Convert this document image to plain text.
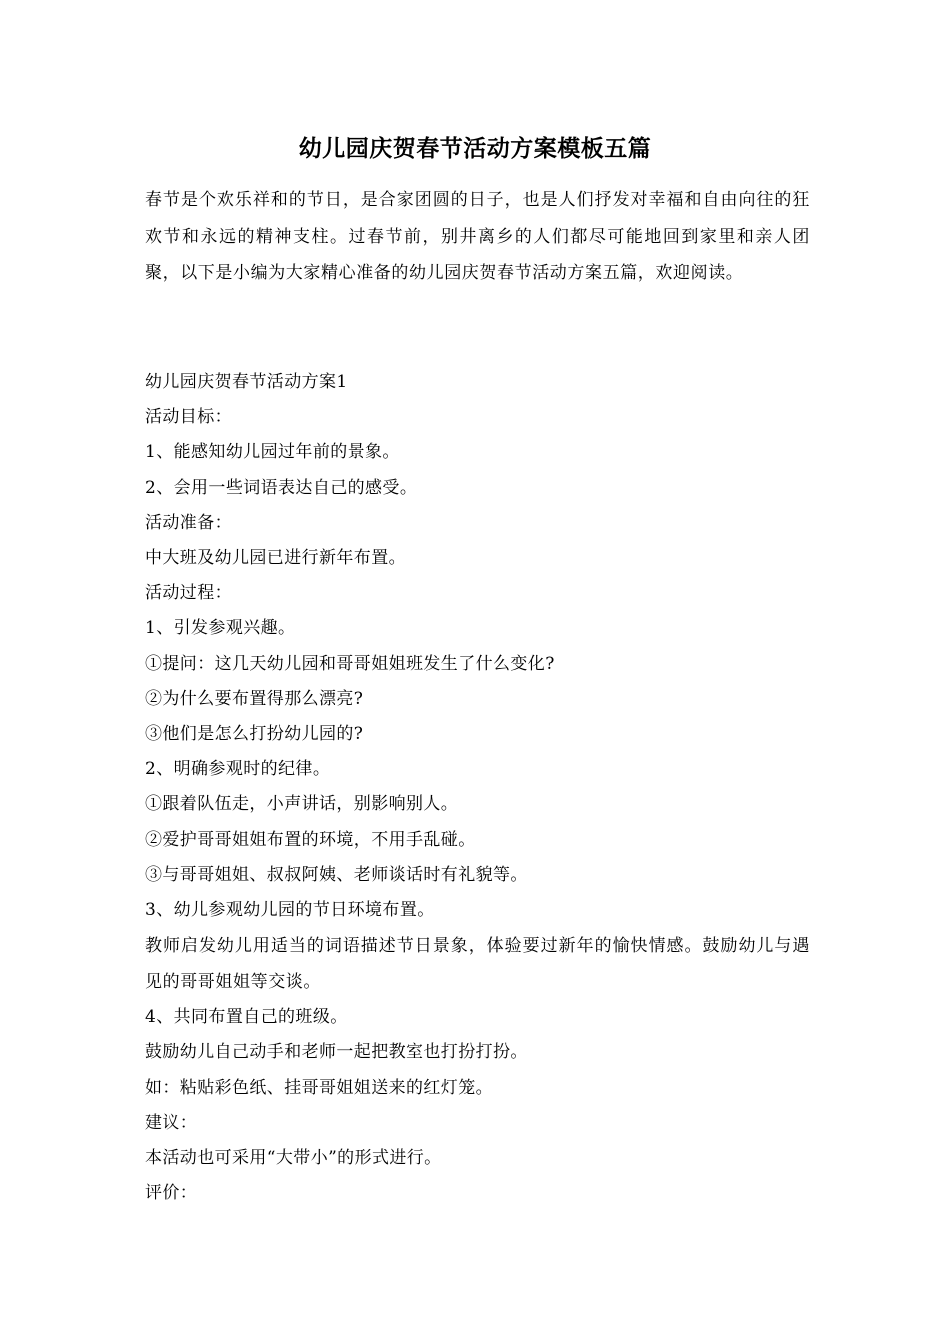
幼儿园庆贺春节活动方案模板五篇

春节是个欢乐祥和的节日，是合家团圆的日子，也是人们抒发对幸福和自由向往的狂欢节和永远的精神支柱。过春节前，别井离乡的人们都尽可能地回到家里和亲人团聚，以下是小编为大家精心准备的幼儿园庆贺春节活动方案五篇，欢迎阅读。

幼儿园庆贺春节活动方案1

活动目标：

1、能感知幼儿园过年前的景象。

2、会用一些词语表达自己的感受。

活动准备：

中大班及幼儿园已进行新年布置。

活动过程：

1、引发参观兴趣。

①提问：这几天幼儿园和哥哥姐姐班发生了什么变化?

②为什么要布置得那么漂亮?

③他们是怎么打扮幼儿园的?

2、明确参观时的纪律。

①跟着队伍走，小声讲话，别影响别人。

②爱护哥哥姐姐布置的环境，不用手乱碰。

③与哥哥姐姐、叔叔阿姨、老师谈话时有礼貌等。

3、幼儿参观幼儿园的节日环境布置。

教师启发幼儿用适当的词语描述节日景象，体验要过新年的愉快情感。鼓励幼儿与遇见的哥哥姐姐等交谈。

4、共同布置自己的班级。

鼓励幼儿自己动手和老师一起把教室也打扮打扮。

如：粘贴彩色纸、挂哥哥姐姐送来的红灯笼。

建议：

本活动也可采用“大带小”的形式进行。

评价：
